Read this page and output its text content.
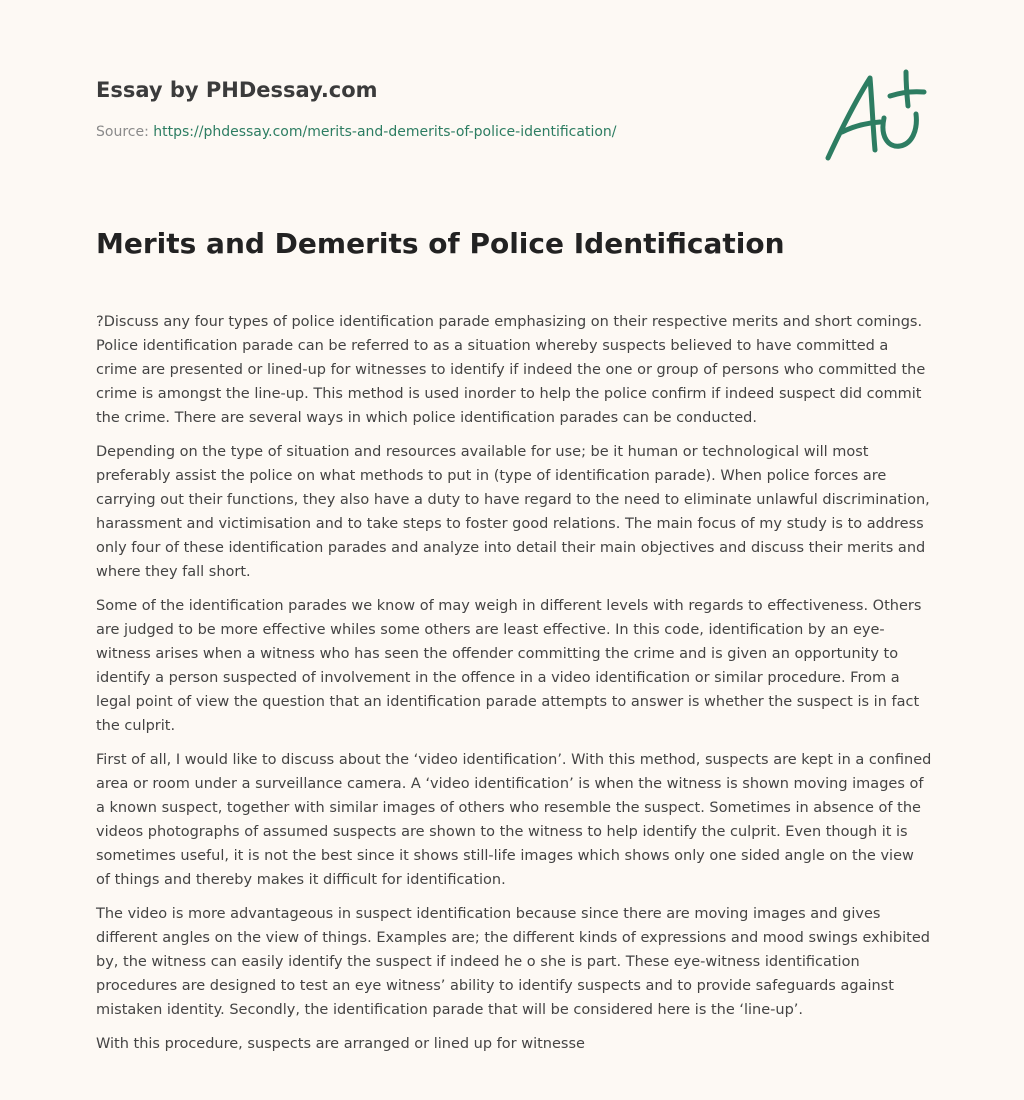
Essay by PHDessay.com
Source: https://phdessay.com/merits-and-demerits-of-police-identification/
Merits and Demerits of Police Identification

?Discuss any four types of police identification parade emphasizing on their respective merits and short comings. Police identification parade can be referred to as a situation whereby suspects believed to have committed a crime are presented or lined-up for witnesses to identify if indeed the one or group of persons who committed the crime is amongst the line-up. This method is used inorder to help the police confirm if indeed suspect did commit the crime. There are several ways in which police identification parades can be conducted.

Depending on the type of situation and resources available for use; be it human or technological will most preferably assist the police on what methods to put in (type of identification parade). When police forces are carrying out their functions, they also have a duty to have regard to the need to eliminate unlawful discrimination, harassment and victimisation and to take steps to foster good relations. The main focus of my study is to address only four of these identification parades and analyze into detail their main objectives and discuss their merits and where they fall short.

Some of the identification parades we know of may weigh in different levels with regards to effectiveness. Others are judged to be more effective whiles some others are least effective. In this code, identification by an eye-witness arises when a witness who has seen the offender committing the crime and is given an opportunity to identify a person suspected of involvement in the offence in a video identification or similar procedure. From a legal point of view the question that an identification parade attempts to answer is whether the suspect is in fact the culprit.

First of all, I would like to discuss about the ‘video identification’. With this method, suspects are kept in a confined area or room under a surveillance camera. A ‘video identification’ is when the witness is shown moving images of a known suspect, together with similar images of others who resemble the suspect. Sometimes in absence of the videos photographs of assumed suspects are shown to the witness to help identify the culprit. Even though it is sometimes useful, it is not the best since it shows still-life images which shows only one sided angle on the view of things and thereby makes it difficult for identification.

The video is more advantageous in suspect identification because since there are moving images and gives different angles on the view of things. Examples are; the different kinds of expressions and mood swings exhibited by, the witness can easily identify the suspect if indeed he o she is part. These eye-witness identification procedures are designed to test an eye witness’ ability to identify suspects and to provide safeguards against mistaken identity. Secondly, the identification parade that will be considered here is the ‘line-up’.

With this procedure, suspects are arranged or lined up for witnesse
